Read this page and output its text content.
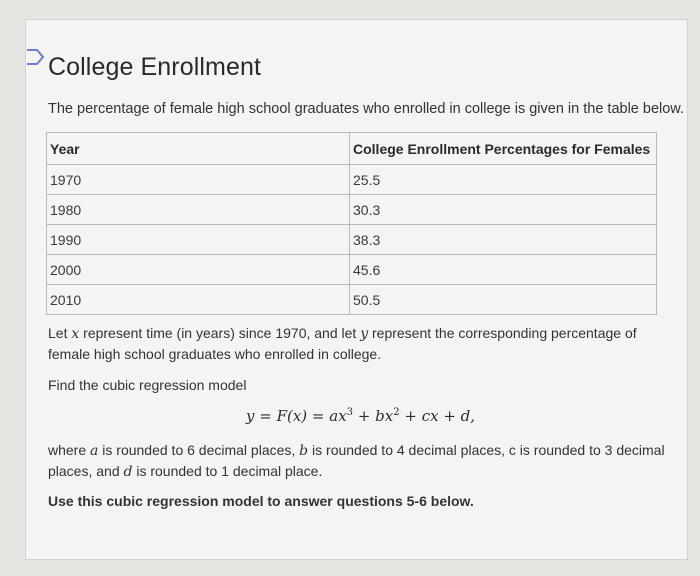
College Enrollment
The percentage of female high school graduates who enrolled in college is given in the table below.
Year	College Enrollment Percentages for Females
1970	25.5
1980	30.3
1990	38.3
2000	45.6
2010	50.5
Let x represent time (in years) since 1970, and let y represent the corresponding percentage of female high school graduates who enrolled in college.
Find the cubic regression model
$y = F(x) = ax^3 + bx^2$ + cx + d,
where a is rounded to 6 decimal places, b is rounded to 4 decimal places, c is rounded to 3 decimal places, and d is rounded to 1 decimal place.
Use this cubic regression model to answer questions 5-6 below.
